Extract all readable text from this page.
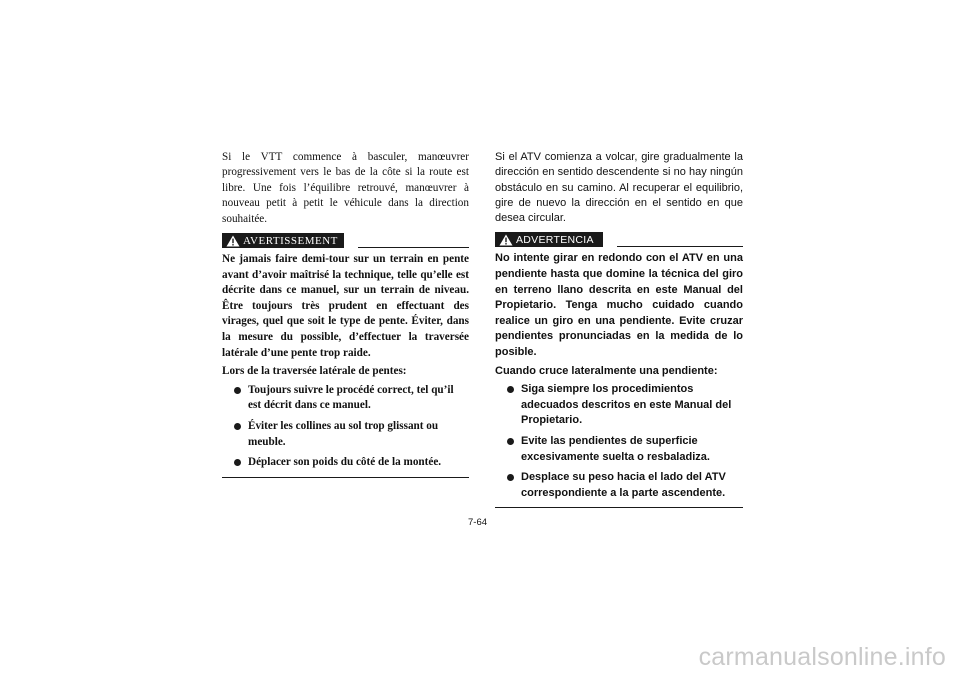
Si le VTT commence à basculer, manœuvrer progressivement vers le bas de la côte si la route est libre. Une fois l’équilibre retrouvé, manœuvrer à nouveau petit à petit le véhicule dans la direction souhaitée.

AVERTISSEMENT

Ne jamais faire demi-tour sur un terrain en pente avant d’avoir maîtrisé la technique, telle qu’elle est décrite dans ce manuel, sur un terrain de niveau. Être toujours très prudent en effectuant des virages, quel que soit le type de pente. Éviter, dans la mesure du possible, d’effectuer la traversée latérale d’une pente trop raide.

Lors de la traversée latérale de pentes:

Toujours suivre le procédé correct, tel qu’il est décrit dans ce manuel.
Éviter les collines au sol trop glissant ou meuble.
Déplacer son poids du côté de la montée.

Si el ATV comienza a volcar, gire gradualmente la dirección en sentido descendente si no hay ningún obstáculo en su camino. Al recuperar el equilibrio, gire de nuevo la dirección en el sentido en que desea circular.

ADVERTENCIA

No intente girar en redondo con el ATV en una pendiente hasta que domine la técnica del giro en terreno llano descrita en este Manual del Propietario. Tenga mucho cuidado cuando realice un giro en una pendiente. Evite cruzar pendientes pronunciadas en la medida de lo posible.

Cuando cruce lateralmente una pendiente:

Siga siempre los procedimientos adecuados descritos en este Manual del Propietario.
Evite las pendientes de superficie excesivamente suelta o resbaladiza.
Desplace su peso hacia el lado del ATV correspondiente a la parte ascendente.
7-64
carmanualsonline.info
